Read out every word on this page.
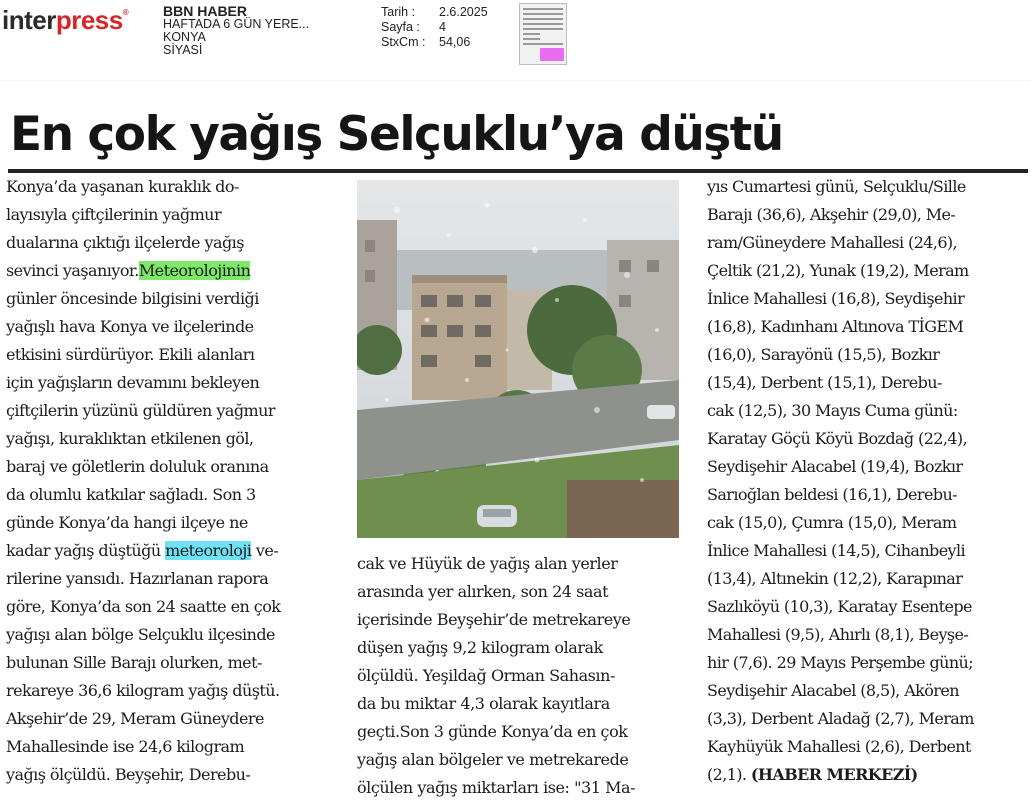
interpress® BBN HABER
HAFTADA 6 GÜN YERE...
KONYA
SİYASİ
Tarih :	2.6.2025
Sayfa :	4
StxCm :	54,06
En çok yağış Selçuklu’ya düştü
Konya’da yaşanan kuraklık do-
layısıyla çiftçilerinin yağmur
dualarına çıktığı ilçelerde yağış
sevinci yaşanıyor.Meteorolojinin
günler öncesinde bilgisini verdiği
yağışlı hava Konya ve ilçelerinde
etkisini sürdürüyor. Ekili alanları
için yağışların devamını bekleyen
çiftçilerin yüzünü güldüren yağmur
yağışı, kuraklıktan etkilenen göl,
baraj ve göletlerin doluluk oranına
da olumlu katkılar sağladı. Son 3
günde Konya’da hangi ilçeye ne
kadar yağış düştüğü meteoroloji ve-
rilerine yansıdı. Hazırlanan rapora
göre, Konya’da son 24 saatte en çok
yağışı alan bölge Selçuklu ilçesinde
bulunan Sille Barajı olurken, met-
rekareye 36,6 kilogram yağış düştü.
Akşehir’de 29, Meram Güneydere
Mahallesinde ise 24,6 kilogram
yağış ölçüldü. Beyşehir, Derebu-
cak ve Hüyük de yağış alan yerler
arasında yer alırken, son 24 saat
içerisinde Beyşehir’de metrekareye
düşen yağış 9,2 kilogram olarak
ölçüldü. Yeşildağ Orman Sahasın-
da bu miktar 4,3 olarak kayıtlara
geçti.Son 3 günde Konya’da en çok
yağış alan bölgeler ve metrekarede
ölçülen yağış miktarları ise: "31 Ma-
yıs Cumartesi günü, Selçuklu/Sille
Barajı (36,6), Akşehir (29,0), Me-
ram/Güneydere Mahallesi (24,6),
Çeltik (21,2), Yunak (19,2), Meram
İnlice Mahallesi (16,8), Seydişehir
(16,8), Kadınhanı Altınova TİGEM
(16,0), Sarayönü (15,5), Bozkır
(15,4), Derbent (15,1), Derebu-
cak (12,5), 30 Mayıs Cuma günü:
Karatay Göçü Köyü Bozdağ (22,4),
Seydişehir Alacabel (19,4), Bozkır
Sarıoğlan beldesi (16,1), Derebu-
cak (15,0), Çumra (15,0), Meram
İnlice Mahallesi (14,5), Cihanbeyli
(13,4), Altınekin (12,2), Karapınar
Sazlıköyü (10,3), Karatay Esentepe
Mahallesi (9,5), Ahırlı (8,1), Beyşe-
hir (7,6). 29 Mayıs Perşembe günü;
Seydişehir Alacabel (8,5), Akören
(3,3), Derbent Aladağ (2,7), Meram
Kayhüyük Mahallesi (2,6), Derbent
(2,1). (HABER MERKEZİ)
